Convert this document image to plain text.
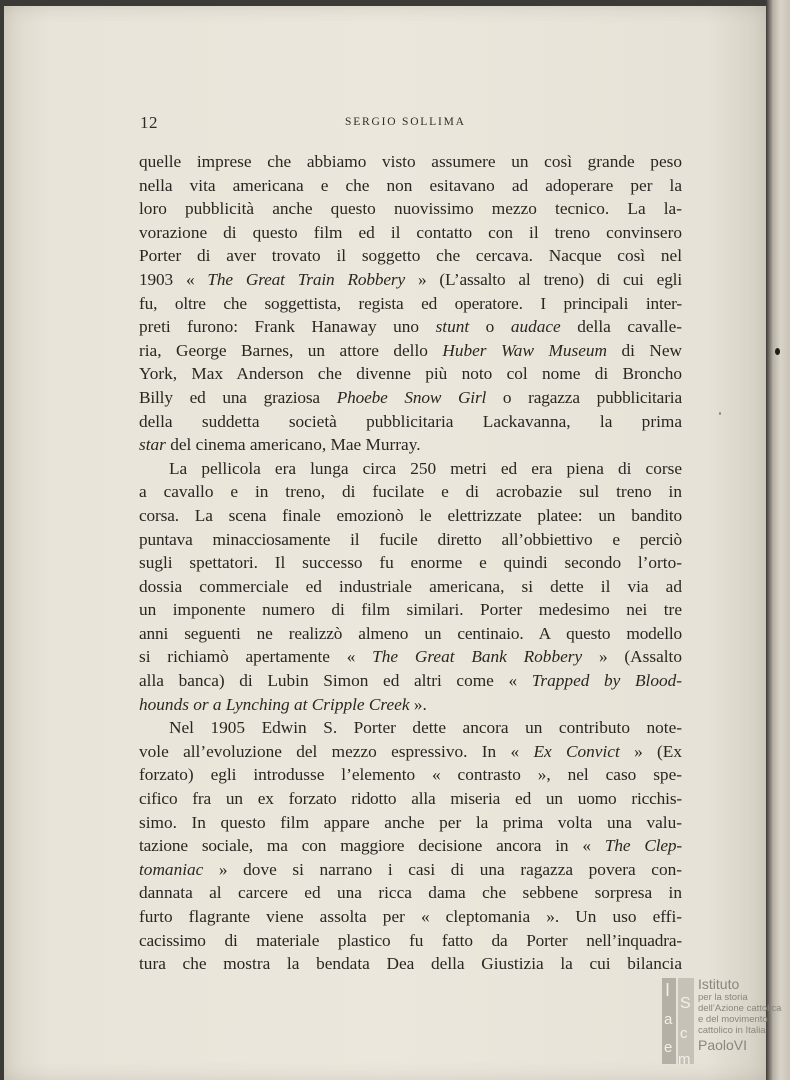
12	SERGIO SOLLIMA

quelle imprese che abbiamo visto assumere un così grande peso
nella vita americana e che non esitavano ad adoperare per la
loro pubblicità anche questo nuovissimo mezzo tecnico. La la-
vorazione di questo film ed il contatto con il treno convinsero
Porter di aver trovato il soggetto che cercava. Nacque così nel
1903 « The Great Train Robbery » (L’assalto al treno) di cui egli
fu, oltre che soggettista, regista ed operatore. I principali inter-
preti furono: Frank Hanaway uno stunt o audace della cavalle-
ria, George Barnes, un attore dello Huber Waw Museum di New
York, Max Anderson che divenne più noto col nome di Broncho
Billy ed una graziosa Phoebe Snow Girl o ragazza pubblicitaria
della suddetta società pubblicitaria Lackavanna, la prima
star del cinema americano, Mae Murray.

La pellicola era lunga circa 250 metri ed era piena di corse
a cavallo e in treno, di fucilate e di acrobazie sul treno in
corsa. La scena finale emozionò le elettrizzate platee: un bandito
puntava minacciosamente il fucile diretto all’obbiettivo e perciò
sugli spettatori. Il successo fu enorme e quindi secondo l’orto-
dossia commerciale ed industriale americana, si dette il via ad
un imponente numero di film similari. Porter medesimo nei tre
anni seguenti ne realizzò almeno un centinaio. A questo modello
si richiamò apertamente « The Great Bank Robbery » (Assalto
alla banca) di Lubin Simon ed altri come « Trapped by Blood-
hounds or a Lynching at Cripple Creek ».

Nel 1905 Edwin S. Porter dette ancora un contributo note-
vole all’evoluzione del mezzo espressivo. In « Ex Convict » (Ex
forzato) egli introdusse l’elemento « contrasto », nel caso spe-
cifico fra un ex forzato ridotto alla miseria ed un uomo ricchis-
simo. In questo film appare anche per la prima volta una valu-
tazione sociale, ma con maggiore decisione ancora in « The Clep-
tomaniac » dove si narrano i casi di una ragazza povera con-
dannata al carcere ed una ricca dama che sebbene sorpresa in
furto flagrante viene assolta per « cleptomania ». Un uso effi-
cacissimo di materiale plastico fu fatto da Porter nell’inquadra-
tura che mostra la bendata Dea della Giustizia la cui bilancia

I
S
a
c
e
m
Istituto
per la storia
dell’Azione cattolica
e del movimento
cattolico in Italia
PaoloVI
